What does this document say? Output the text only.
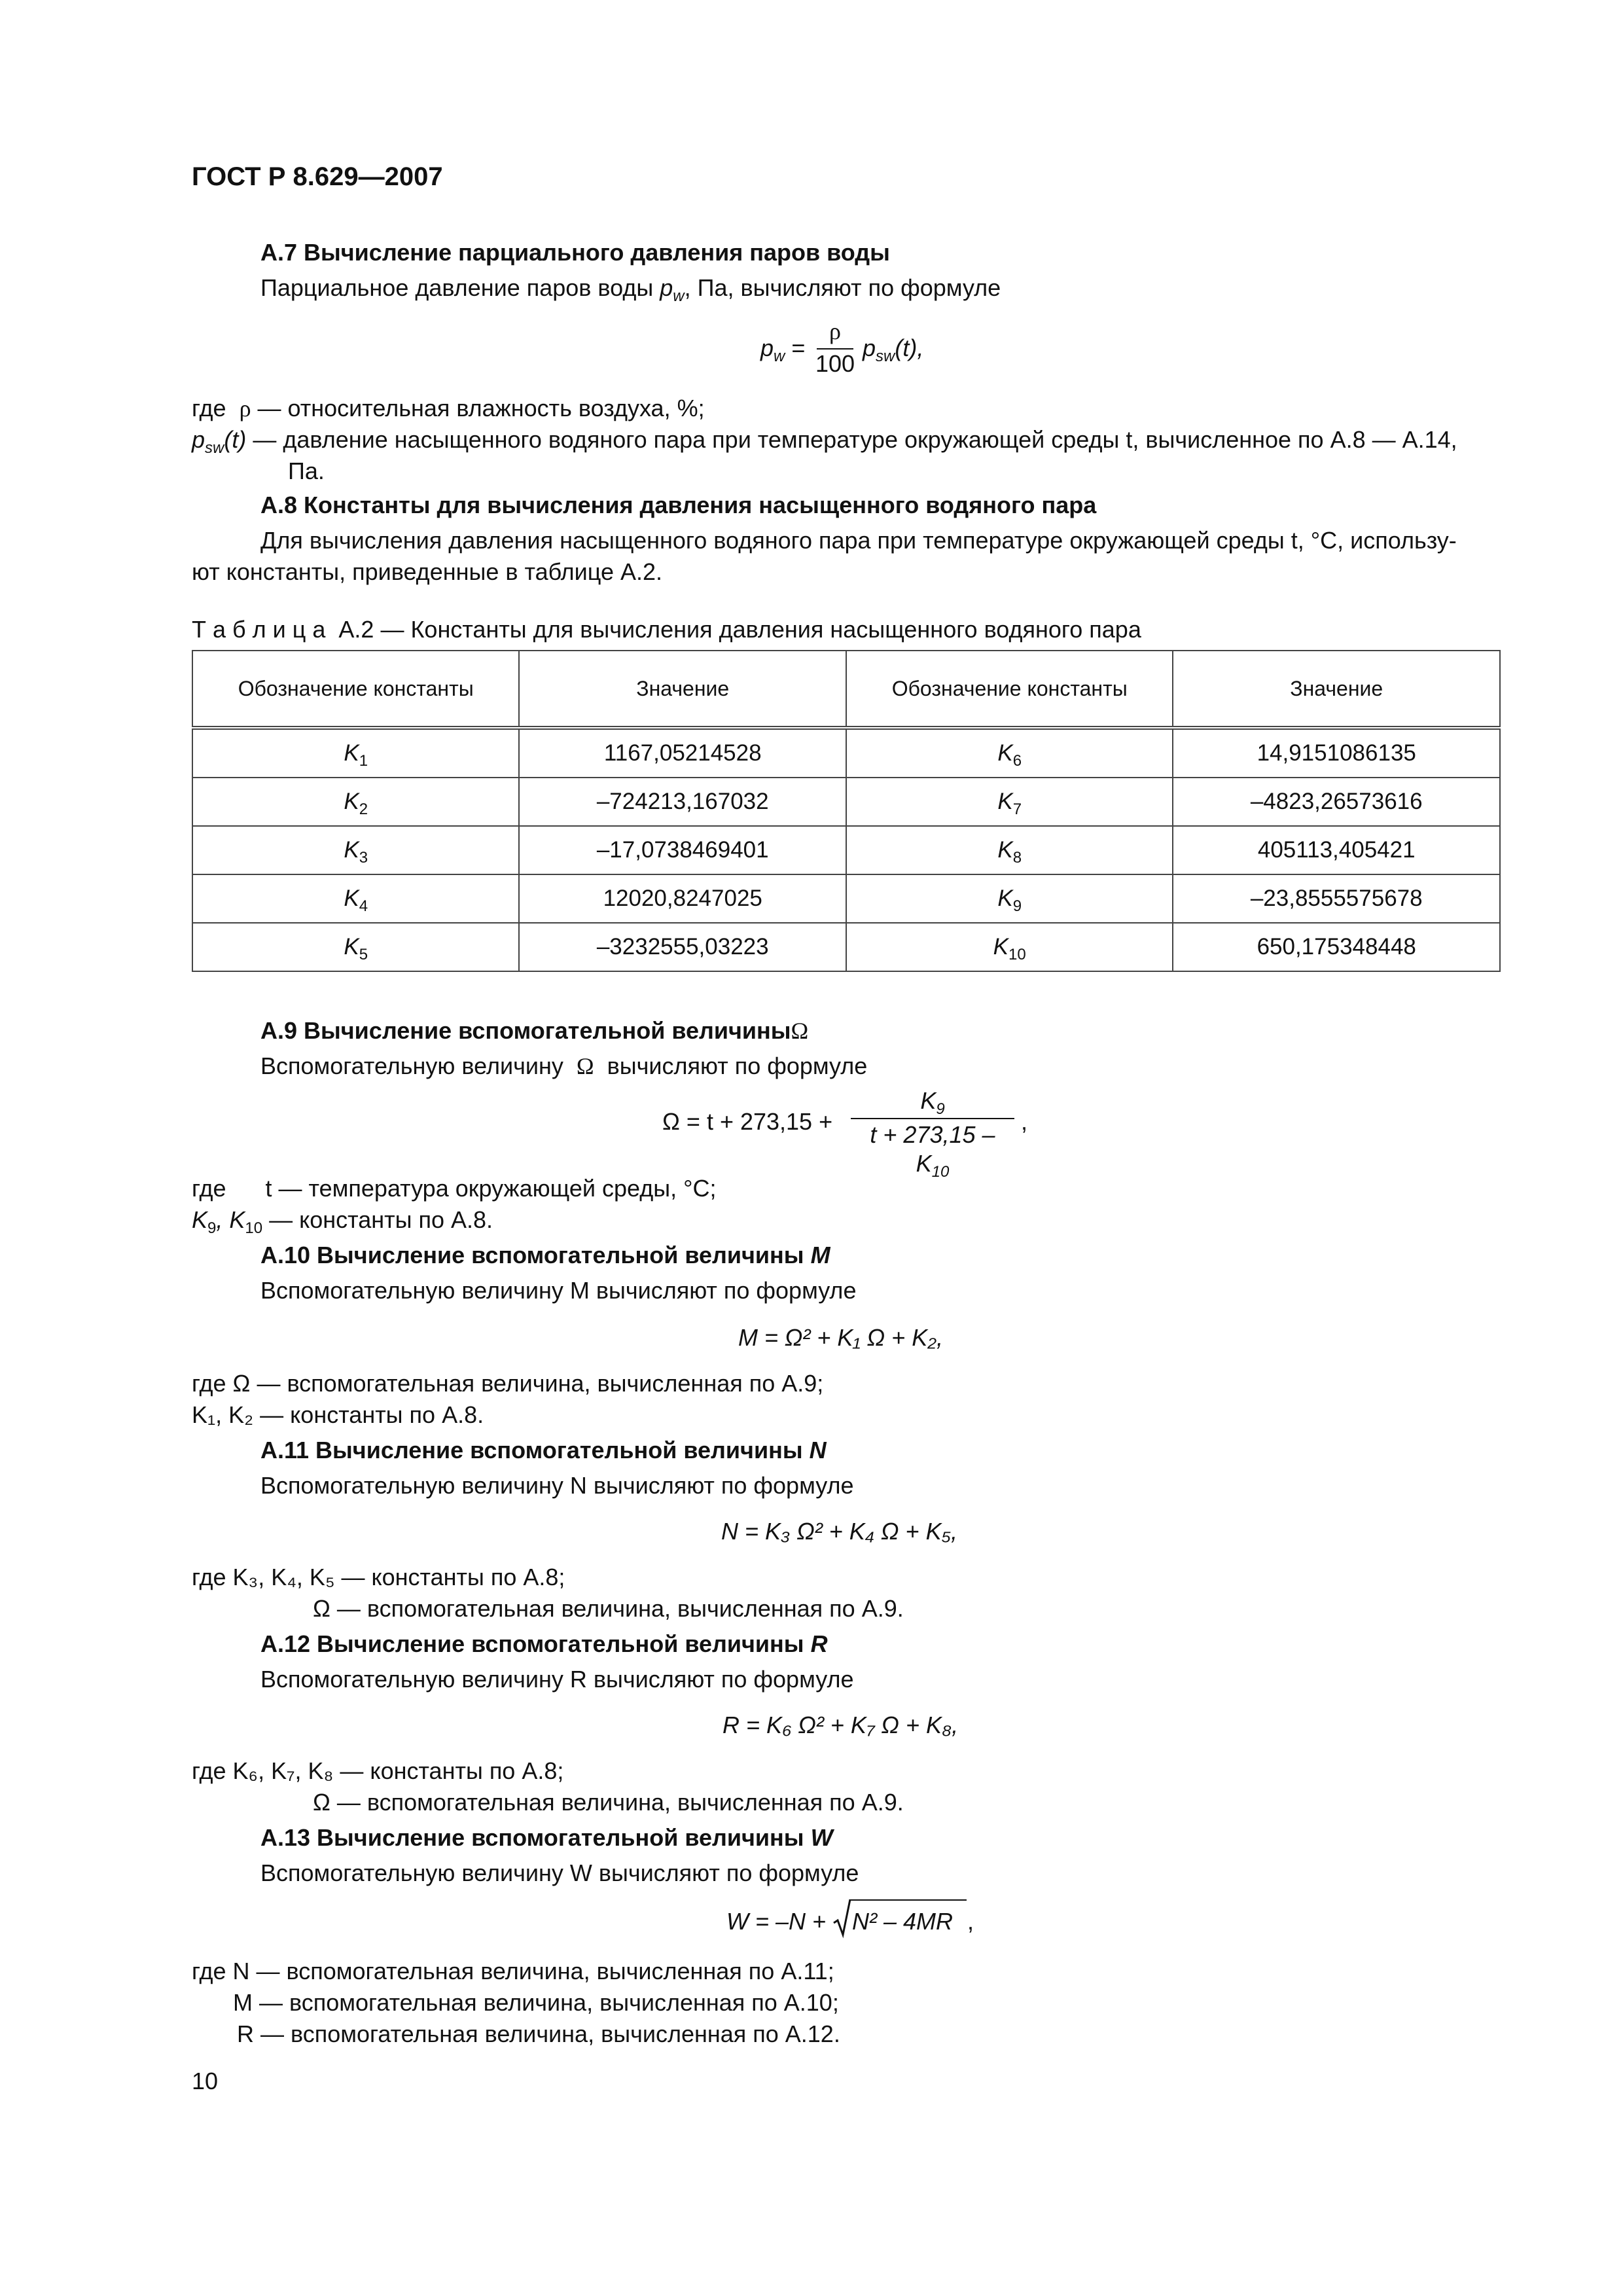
ГОСТ Р 8.629—2007
А.7 Вычисление парциального давления паров воды
Парциальное давление паров воды $p_w$, Па, вычисляют по формуле
$p_w$ =
ρ
100
$p_{sw}(t)$,
где ρ — относительная влажность воздуха, %;
$p_{sw}(t)$ — давление насыщенного водяного пара при температуре окружающей среды t, вычисленное по А.8 — А.14,
Па.
А.8 Константы для вычисления давления насыщенного водяного пара
Для вычисления давления насыщенного водяного пара при температуре окружающей среды t, °С, использу-
ют константы, приведенные в таблице А.2.
Т а б л и ц а А.2 — Константы для вычисления давления насыщенного водяного пара
Обозначение константы	Значение	Обозначение константы	Значение
$K_1$	1167,05214528	$K_6$	14,9151086135
$K_2$	–724213,167032	$K_7$	–4823,26573616
$K_3$	–17,0738469401	$K_8$	405113,405421
$K_4$	12020,8247025	$K_9$	–23,8555575678
$K_5$	–3232555,03223	$K_{10}$	650,175348448
А.9 Вычисление вспомогательной величиныΩ
Вспомогательную величину Ω вычисляют по формуле
Ω = t + 273,15 +
$K_9$
$t + 273,15 - K_{10}$
,
где      t — температура окружающей среды, °С;
$K_9$, $K_{10}$ — константы по А.8.
А.10 Вычисление вспомогательной величины M
Вспомогательную величину M вычисляют по формуле
M = Ω² + K₁ Ω + K₂,
где Ω — вспомогательная величина, вычисленная по А.9;
K₁, K₂ — константы по А.8.
А.11 Вычисление вспомогательной величины N
Вспомогательную величину N вычисляют по формуле
N = K₃ Ω² + K₄ Ω + K₅,
где K₃, K₄, K₅ — константы по А.8;
Ω — вспомогательная величина, вычисленная по А.9.
А.12 Вычисление вспомогательной величины R
Вспомогательную величину R вычисляют по формуле
R = K₆ Ω² + K₇ Ω + K₈,
где K₆, K₇, K₈ — константы по А.8;
Ω — вспомогательная величина, вычисленная по А.9.
А.13 Вычисление вспомогательной величины W
Вспомогательную величину W вычисляют по формуле
W = –N + N² – 4MR ,
где N — вспомогательная величина, вычисленная по А.11;
M — вспомогательная величина, вычисленная по А.10;
R — вспомогательная величина, вычисленная по А.12.
10
